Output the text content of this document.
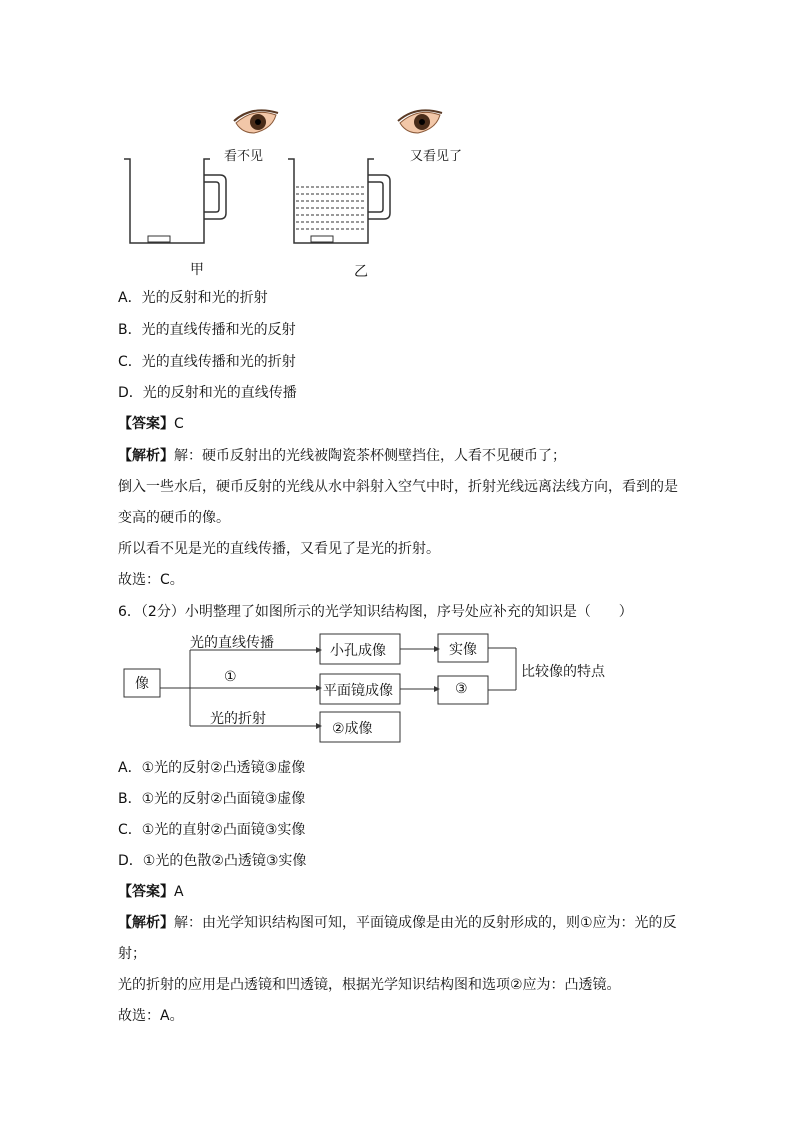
看不见	又看见了
甲	乙
A．光的反射和光的折射
B．光的直线传播和光的反射
C．光的直线传播和光的折射
D．光的反射和光的直线传播
【答案】C
【解析】解：硬币反射出的光线被陶瓷茶杯侧壁挡住，人看不见硬币了；
倒入一些水后，硬币反射的光线从水中斜射入空气中时，折射光线远离法线方向，看到的是
变高的硬币的像。
所以看不见是光的直线传播，又看见了是光的折射。
故选：C。
6．（2分）小明整理了如图所示的光学知识结构图，序号处应补充的知识是（　　）
像
光的直线传播
①
光的折射
小孔成像
平面镜成像
②成像
实像
③
比较像的特点
A．①光的反射②凸透镜③虚像
B．①光的反射②凸面镜③虚像
C．①光的直射②凸面镜③实像
D．①光的色散②凸透镜③实像
【答案】A
【解析】解：由光学知识结构图可知，平面镜成像是由光的反射形成的，则①应为：光的反
射；
光的折射的应用是凸透镜和凹透镜，根据光学知识结构图和选项②应为：凸透镜。
故选：A。
